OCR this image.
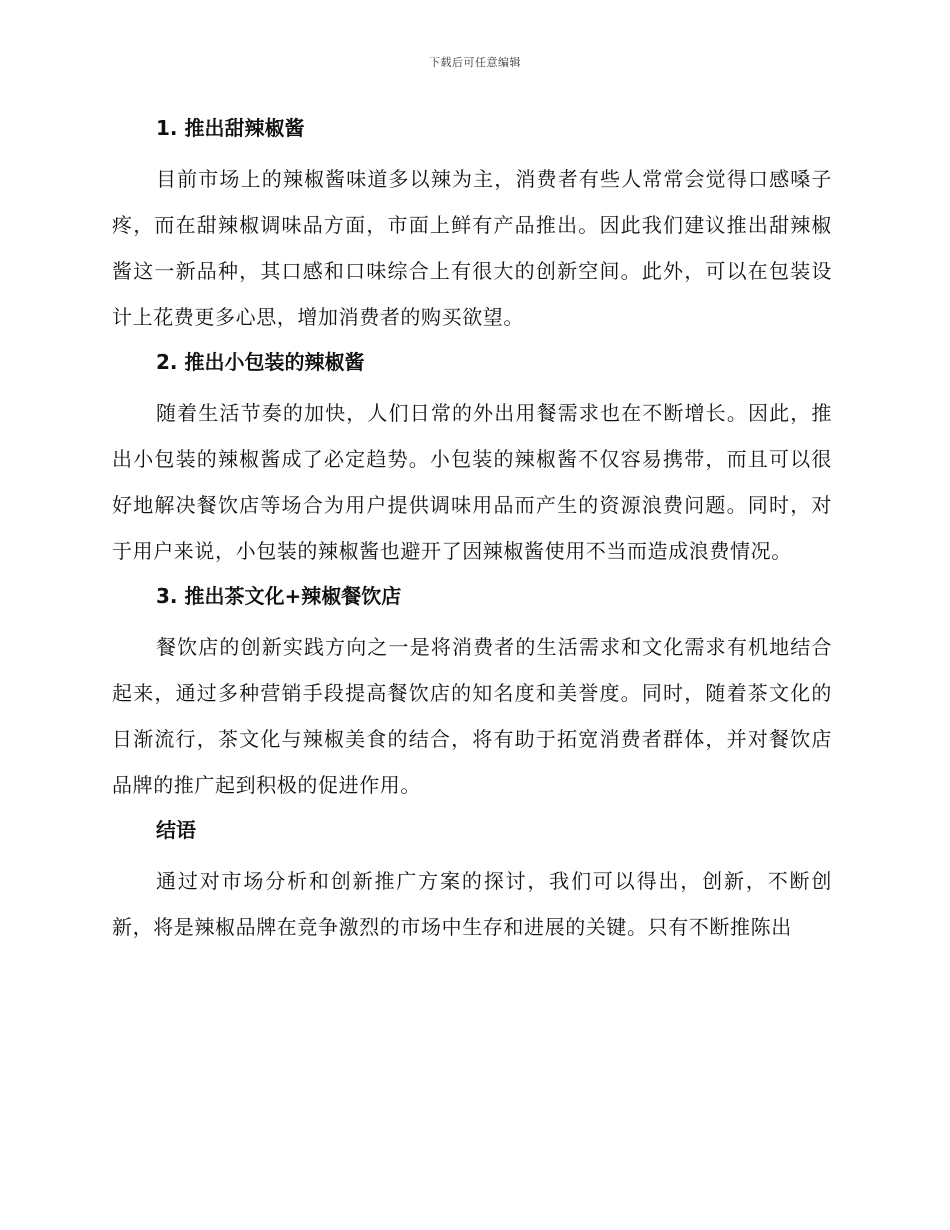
下载后可任意编辑
1. 推出甜辣椒酱

目前市场上的辣椒酱味道多以辣为主，消费者有些人常常会觉得口感嗓子疼，而在甜辣椒调味品方面，市面上鲜有产品推出。因此我们建议推出甜辣椒酱这一新品种，其口感和口味综合上有很大的创新空间。此外，可以在包装设计上花费更多心思，增加消费者的购买欲望。

2. 推出小包装的辣椒酱

随着生活节奏的加快，人们日常的外出用餐需求也在不断增长。因此，推出小包装的辣椒酱成了必定趋势。小包装的辣椒酱不仅容易携带，而且可以很好地解决餐饮店等场合为用户提供调味用品而产生的资源浪费问题。同时，对于用户来说，小包装的辣椒酱也避开了因辣椒酱使用不当而造成浪费情况。

3. 推出茶文化+辣椒餐饮店

餐饮店的创新实践方向之一是将消费者的生活需求和文化需求有机地结合起来，通过多种营销手段提高餐饮店的知名度和美誉度。同时，随着茶文化的日渐流行，茶文化与辣椒美食的结合，将有助于拓宽消费者群体，并对餐饮店品牌的推广起到积极的促进作用。

结语

通过对市场分析和创新推广方案的探讨，我们可以得出，创新，不断创新，将是辣椒品牌在竞争激烈的市场中生存和进展的关键。只有不断推陈出
